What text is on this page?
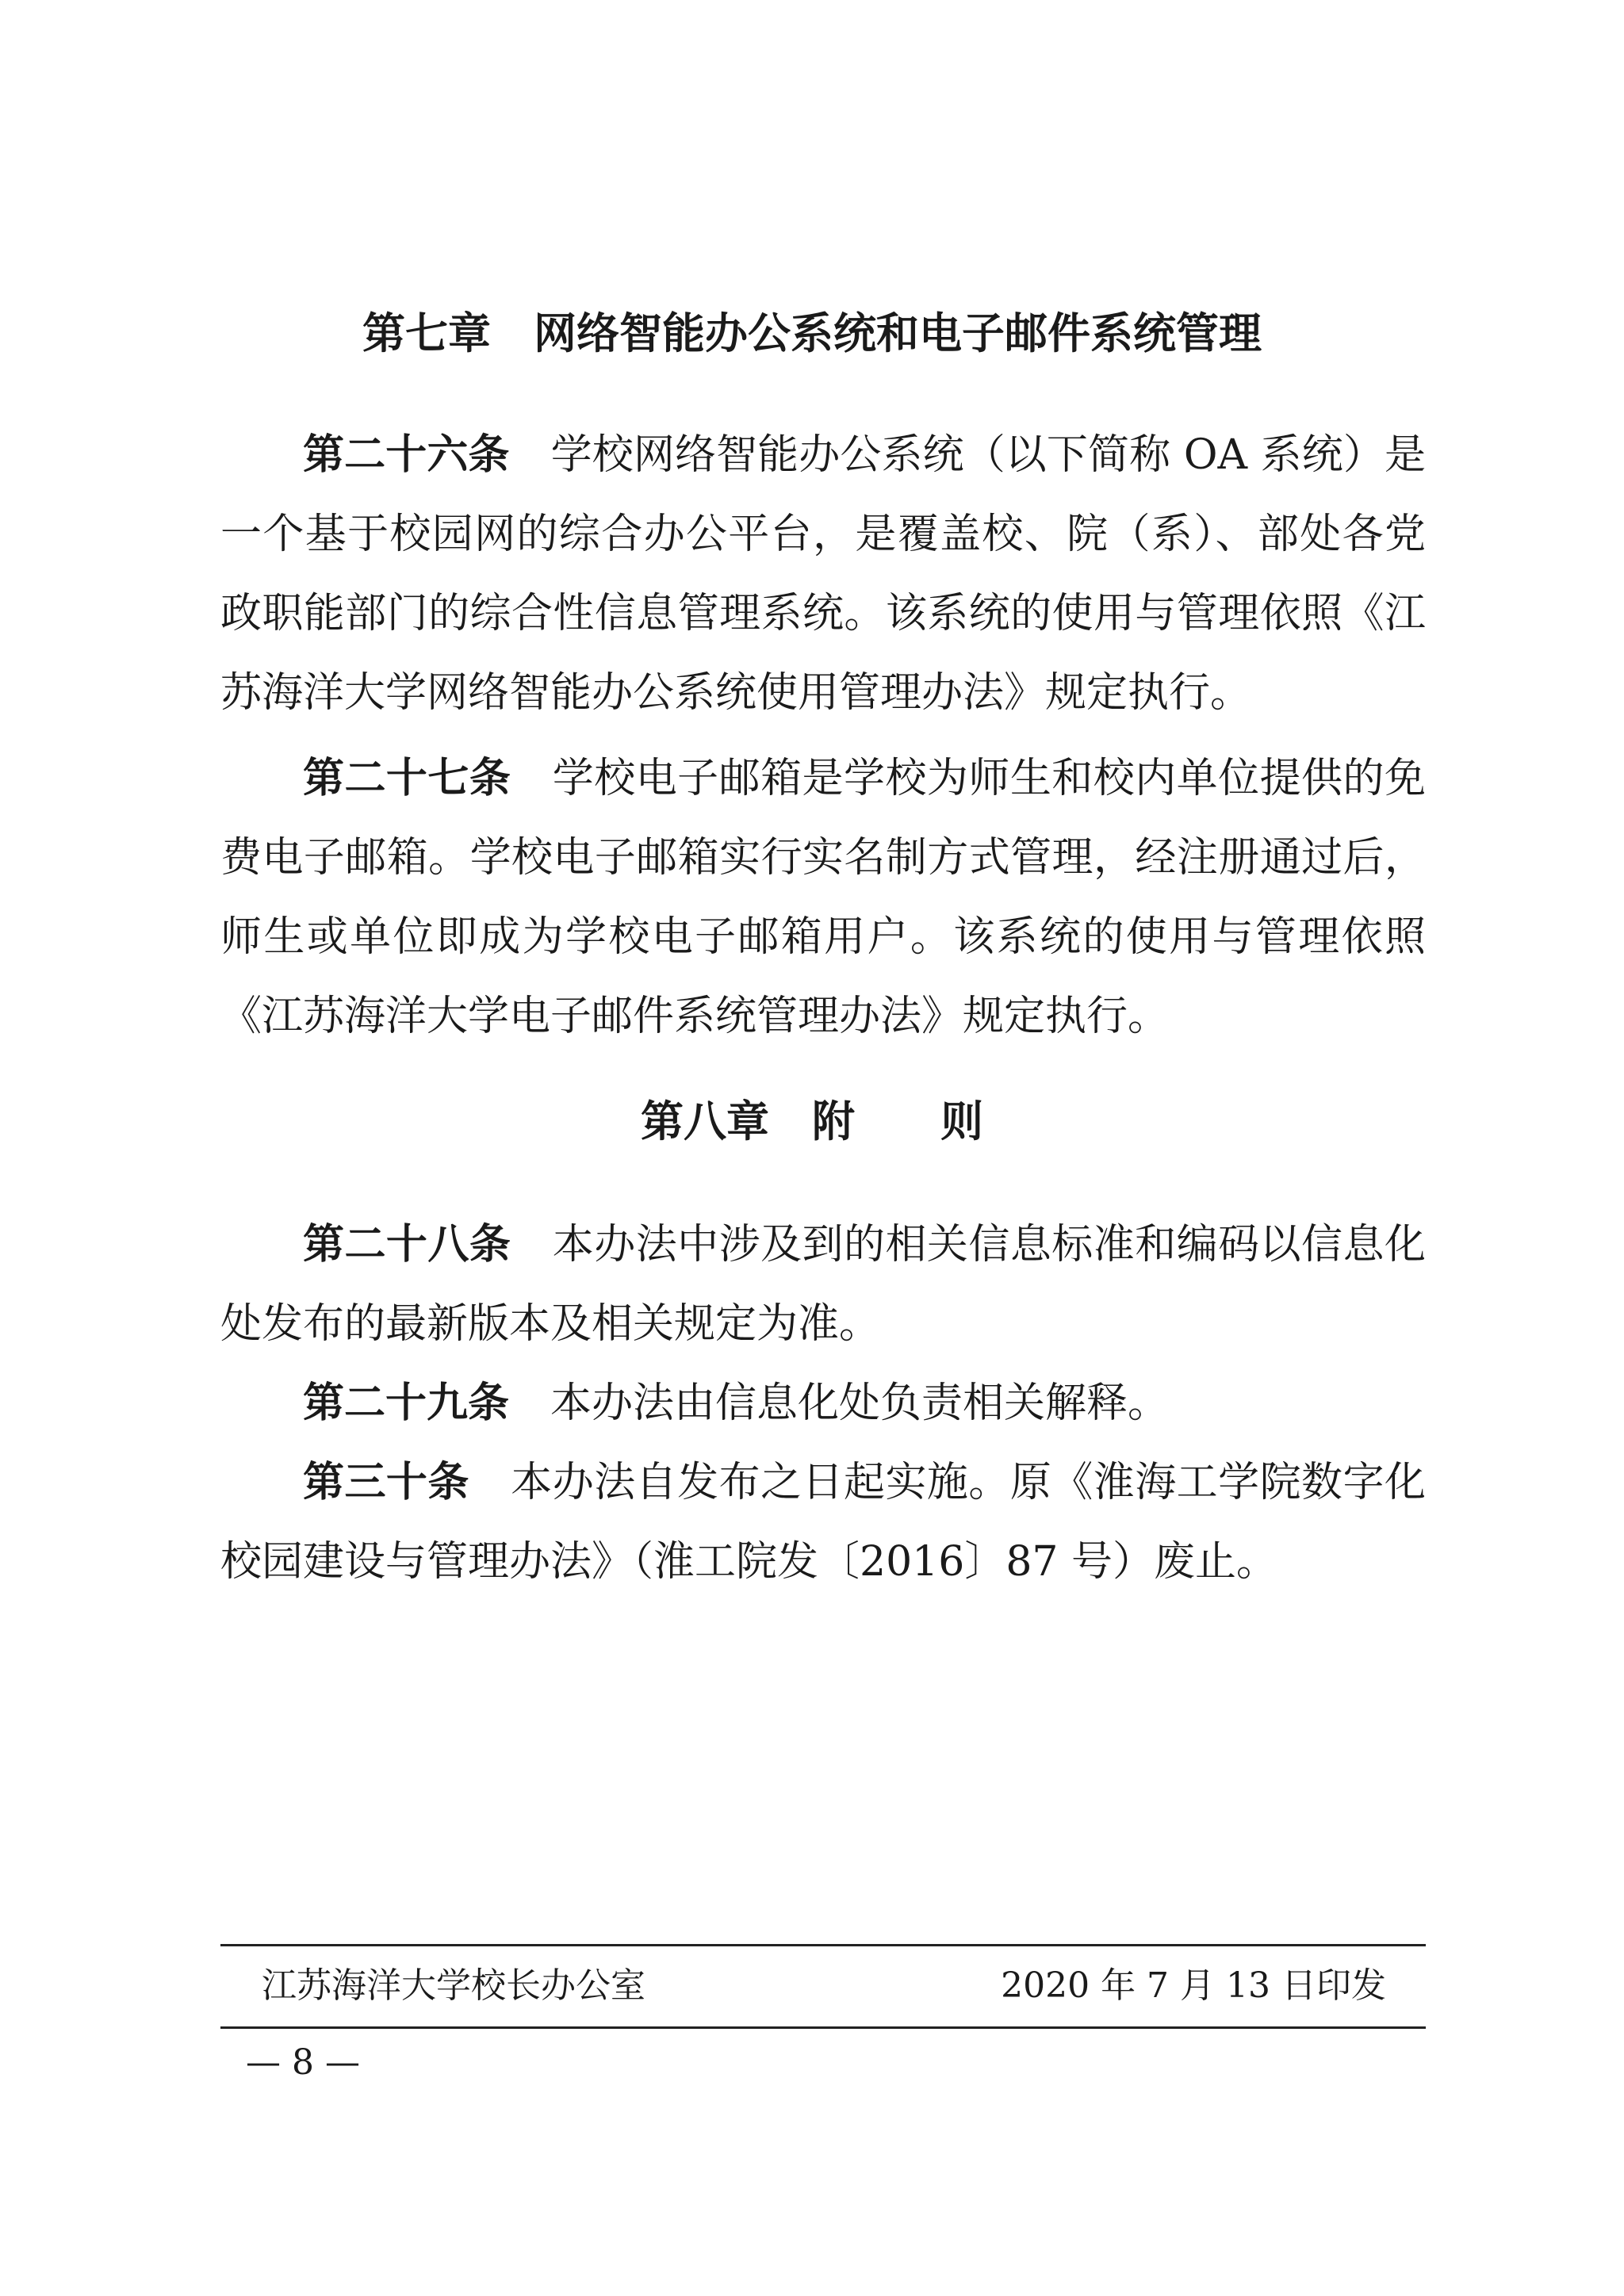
第七章　网络智能办公系统和电子邮件系统管理

第二十六条　学校网络智能办公系统（以下简称 OA 系统）是一个基于校园网的综合办公平台，是覆盖校、院（系）、部处各党政职能部门的综合性信息管理系统。该系统的使用与管理依照《江苏海洋大学网络智能办公系统使用管理办法》规定执行。

第二十七条　学校电子邮箱是学校为师生和校内单位提供的免费电子邮箱。学校电子邮箱实行实名制方式管理，经注册通过后，师生或单位即成为学校电子邮箱用户。该系统的使用与管理依照《江苏海洋大学电子邮件系统管理办法》规定执行。

第八章　附　　则

第二十八条　本办法中涉及到的相关信息标准和编码以信息化处发布的最新版本及相关规定为准。

第二十九条　本办法由信息化处负责相关解释。

第三十条　本办法自发布之日起实施。原《淮海工学院数字化校园建设与管理办法》（淮工院发〔2016〕87 号）废止。

江苏海洋大学校长办公室	2020 年 7 月 13 日印发
— 8 —
